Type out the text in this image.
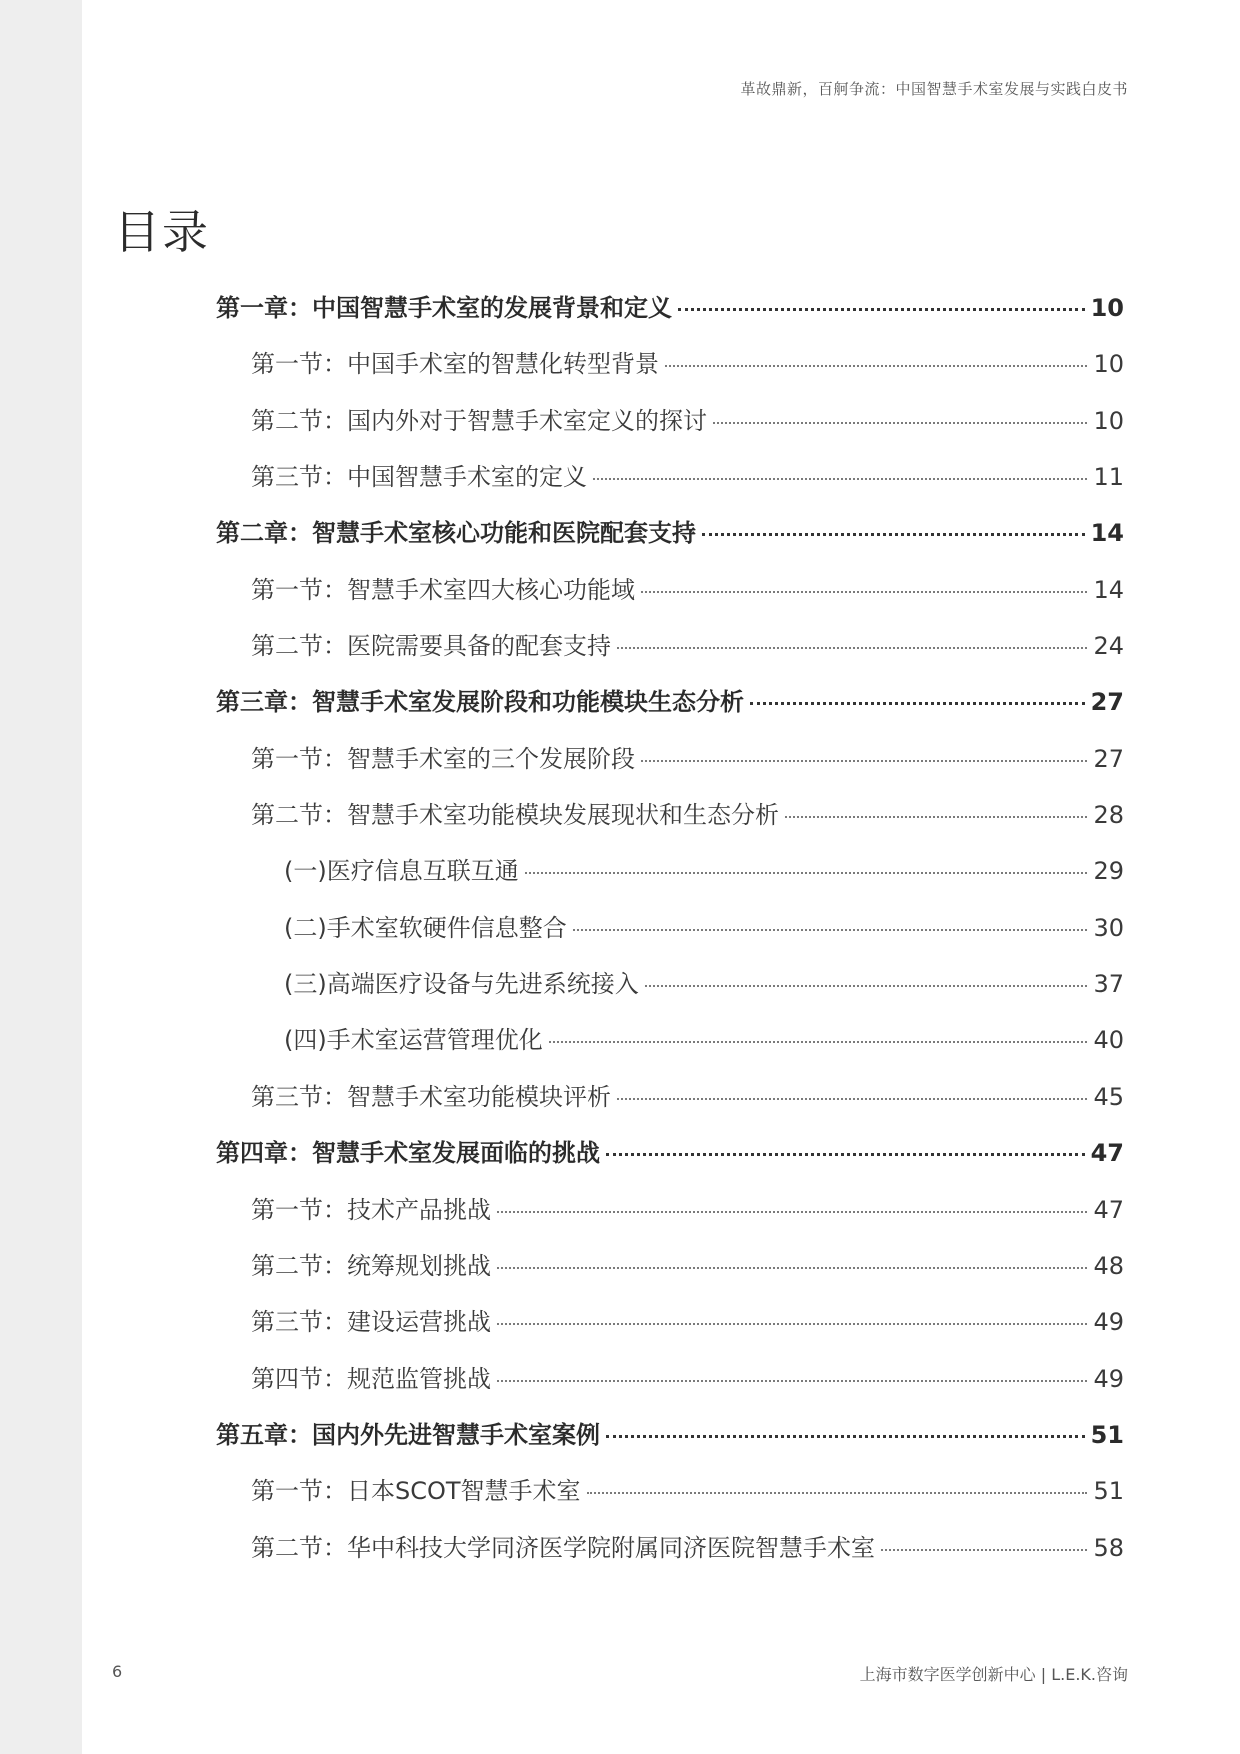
革故鼎新，百舸争流：中国智慧手术室发展与实践白皮书
目录
第一章：中国智慧手术室的发展背景和定义	10
第一节：中国手术室的智慧化转型背景	10
第二节：国内外对于智慧手术室定义的探讨	10
第三节：中国智慧手术室的定义	11
第二章：智慧手术室核心功能和医院配套支持	14
第一节：智慧手术室四大核心功能域	14
第二节：医院需要具备的配套支持	24
第三章：智慧手术室发展阶段和功能模块生态分析	27
第一节：智慧手术室的三个发展阶段	27
第二节：智慧手术室功能模块发展现状和生态分析	28
(一)医疗信息互联互通	29
(二)手术室软硬件信息整合	30
(三)高端医疗设备与先进系统接入	37
(四)手术室运营管理优化	40
第三节：智慧手术室功能模块评析	45
第四章：智慧手术室发展面临的挑战	47
第一节：技术产品挑战	47
第二节：统筹规划挑战	48
第三节：建设运营挑战	49
第四节：规范监管挑战	49
第五章：国内外先进智慧手术室案例	51
第一节：日本SCOT智慧手术室	51
第二节：华中科技大学同济医学院附属同济医院智慧手术室	58
6	上海市数字医学创新中心 | L.E.K.咨询
